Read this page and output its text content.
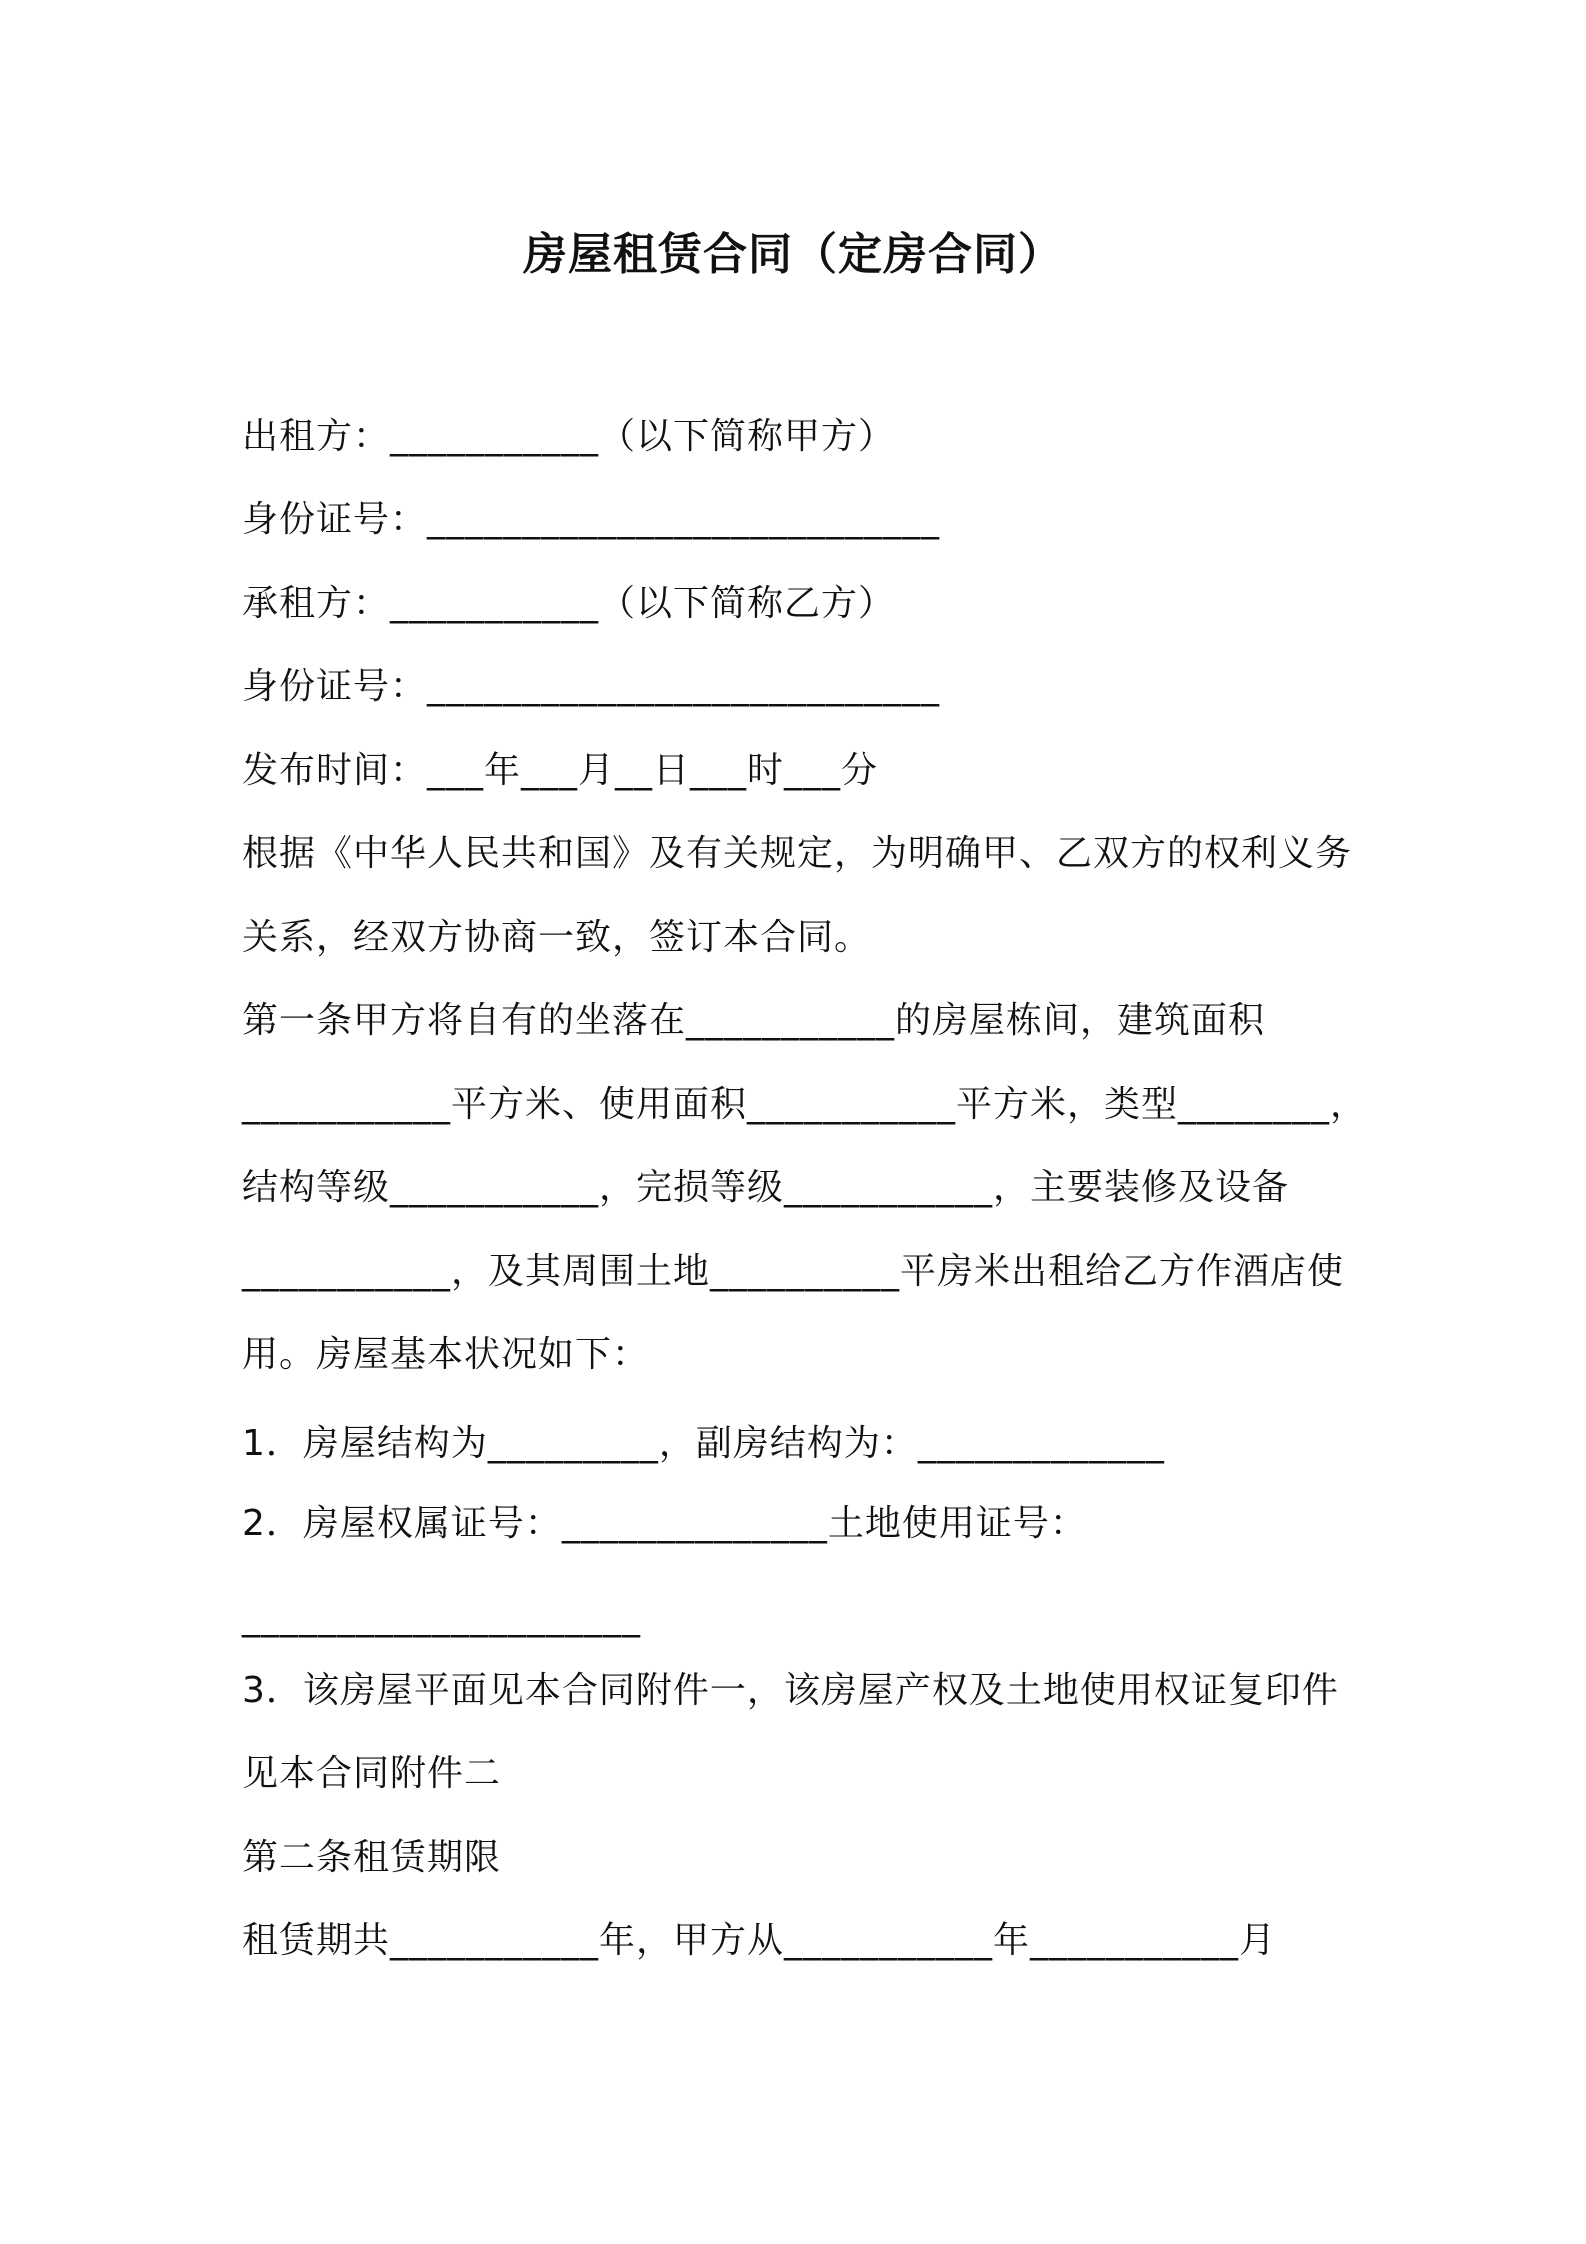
房屋租赁合同（定房合同）
出租方：___________（以下简称甲方）
身份证号：___________________________
承租方：___________（以下简称乙方）
身份证号：___________________________
发布时间：___年___月__日___时___分
根据《中华人民共和国》及有关规定，为明确甲、乙双方的权利义务
关系，经双方协商一致，签订本合同。
第一条甲方将自有的坐落在___________的房屋栋间，建筑面积
___________平方米、使用面积___________平方米，类型________，
结构等级___________，完损等级___________，主要装修及设备
___________，及其周围土地__________平房米出租给乙方作酒店使
用。房屋基本状况如下：
1．房屋结构为_________，副房结构为：_____________
2．房屋权属证号：______________土地使用证号：
_____________________
3．该房屋平面见本合同附件一，该房屋产权及土地使用权证复印件
见本合同附件二
第二条租赁期限
租赁期共___________年，甲方从___________年___________月
